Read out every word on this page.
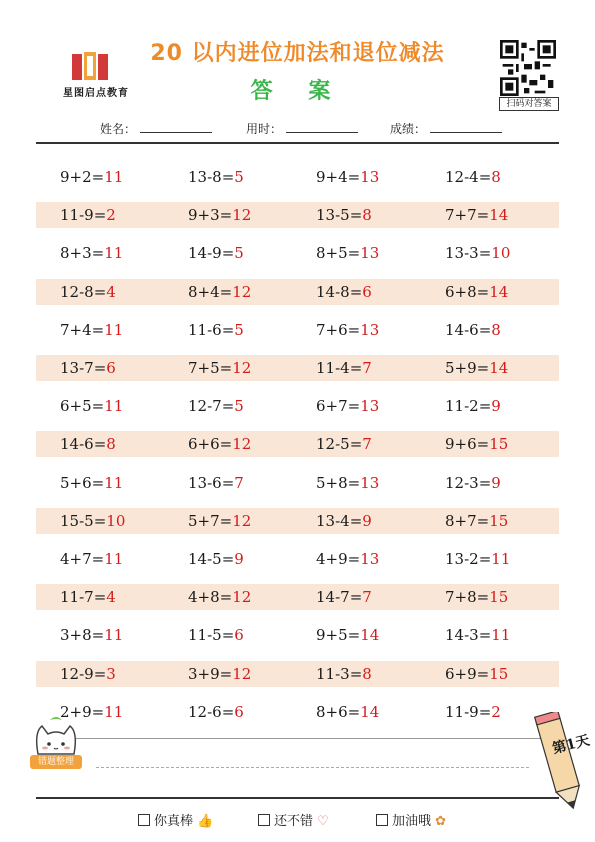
星图启点教育
20 以内进位加法和退位减法
答 案	扫码对答案
姓名：	用时：	成绩：
9+2=11	13-8=5	9+4=13	12-4=8
11-9=2	9+3=12	13-5=8	7+7=14
8+3=11	14-9=5	8+5=13	13-3=10
12-8=4	8+4=12	14-8=6	6+8=14
7+4=11	11-6=5	7+6=13	14-6=8
13-7=6	7+5=12	11-4=7	5+9=14
6+5=11	12-7=5	6+7=13	11-2=9
14-6=8	6+6=12	12-5=7	9+6=15
5+6=11	13-6=7	5+8=13	12-3=9
15-5=10	5+7=12	13-4=9	8+7=15
4+7=11	14-5=9	4+9=13	13-2=11
11-7=4	4+8=12	14-7=7	7+8=15
3+8=11	11-5=6	9+5=14	14-3=11
12-9=3	3+9=12	11-3=8	6+9=15
2+9=11	12-6=6	8+6=14	11-9=2
错题整理
第1天
你真棒 👍	还不错 ♡	加油哦 ✿
